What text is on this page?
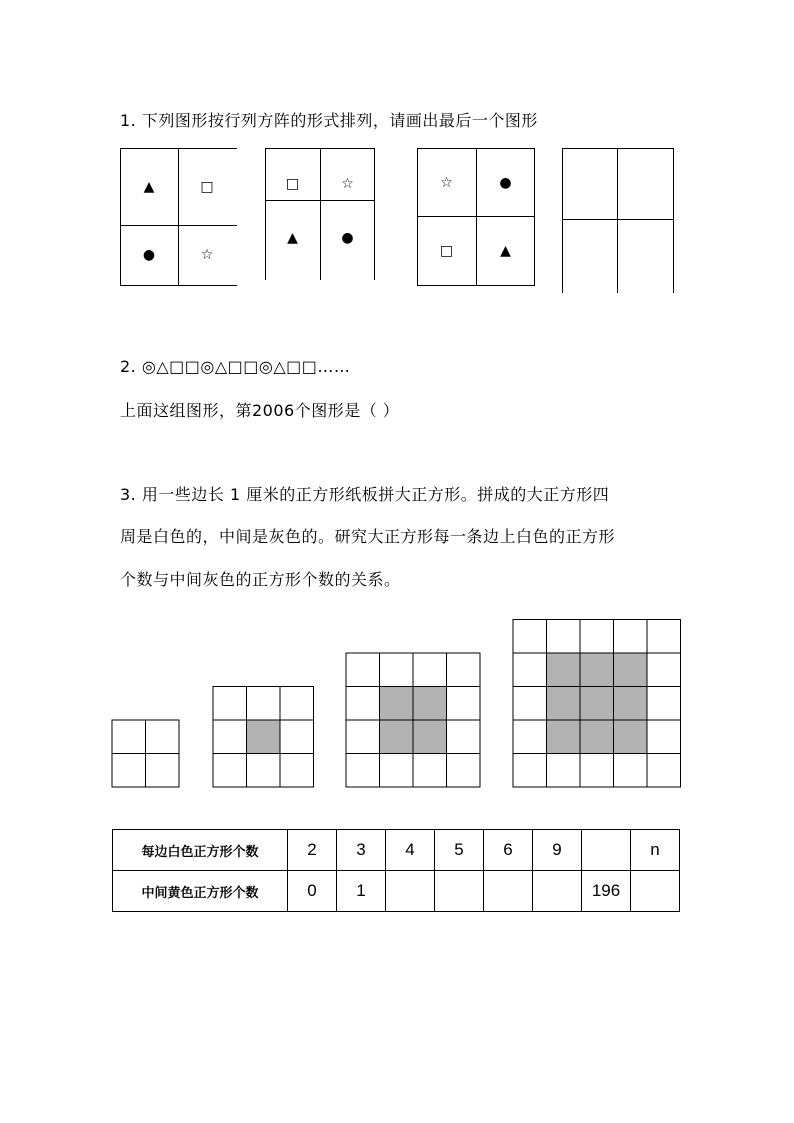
1. 下列图形按行列方阵的形式排列，请画出最后一个图形
▲	□
●	☆
□	☆
▲	●
☆	●
□	▲
2. ◎△□□◎△□□◎△□□……
上面这组图形，第2006个图形是（ ）
3. 用一些边长 1 厘米的正方形纸板拼大正方形。拼成的大正方形四
周是白色的，中间是灰色的。研究大正方形每一条边上白色的正方形
个数与中间灰色的正方形个数的关系。
每边白色正方形个数	2	3	4	5	6	9		n
中间黄色正方形个数	0	1					196	
